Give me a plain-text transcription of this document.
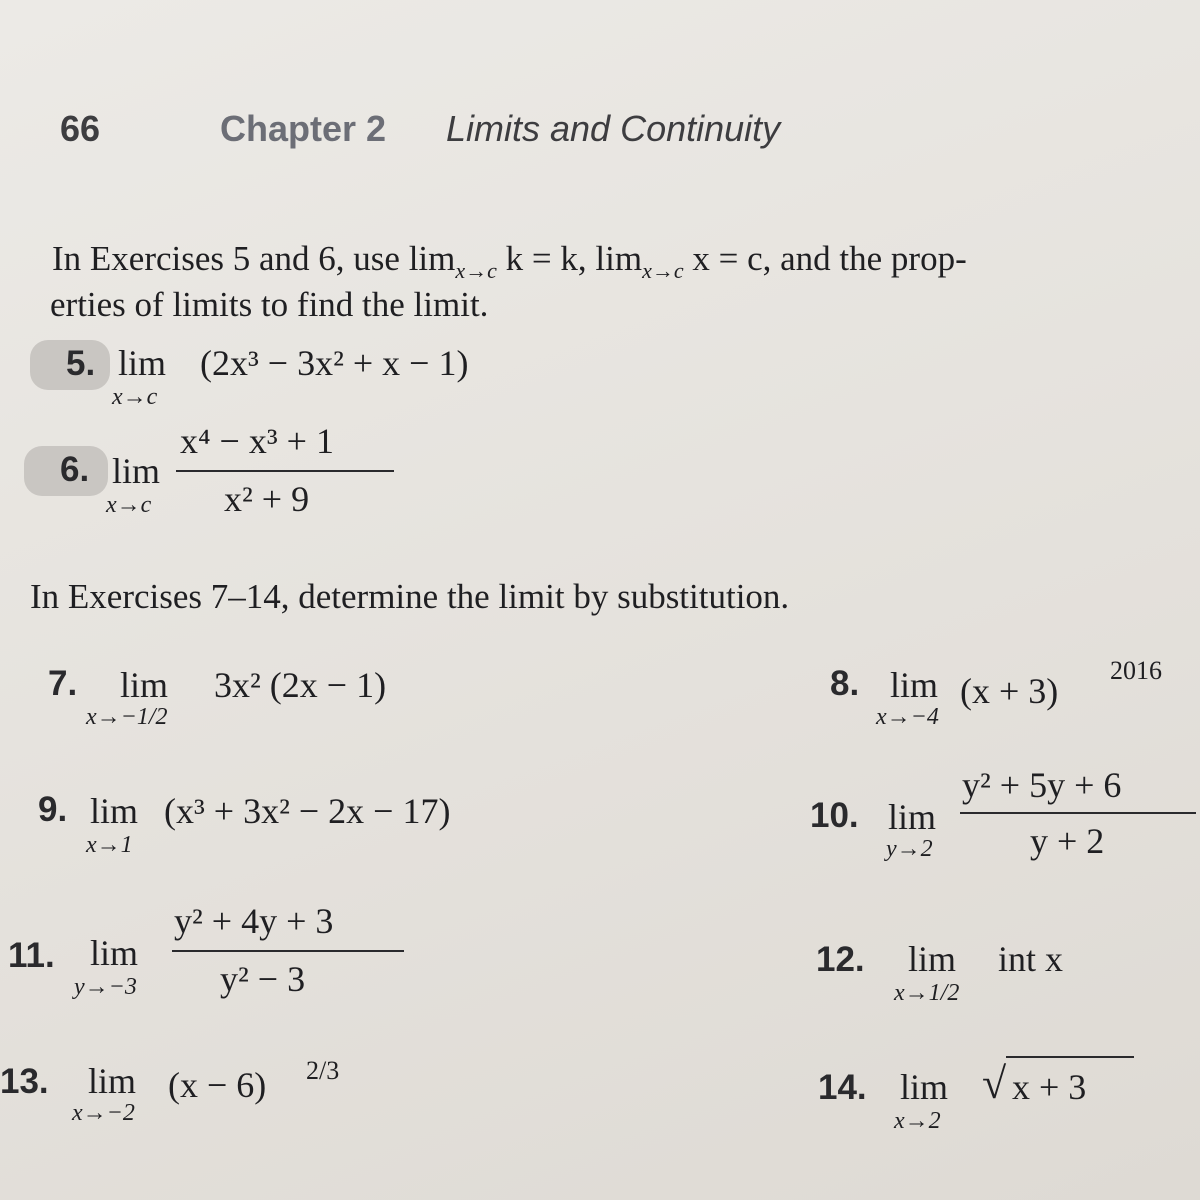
66	Chapter 2 Limits and Continuity
In Exercises 5 and 6, use $\lim_{x\to c} k = k$, $\lim_{x\to c} x = c$, and the prop-
erties of limits to find the limit.
5. lim
x→c
(2x³ − 3x² + x − 1)
6. lim
x→c
x⁴ − x³ + 1
x² + 9
In Exercises 7–14, determine the limit by substitution.
7. lim
x→−1/2
3x² (2x − 1)	8. lim
x→−4
(x + 3)
2016
9. lim
x→1
(x³ + 3x² − 2x − 17)	10. lim
y→2
y² + 5y + 6
y + 2
11. lim
y→−3
y² + 4y + 3
y² − 3	12. lim
x→1/2
int x
13. lim
x→−2
(x − 6) 2/3	14. lim
x→2
√ x + 3
